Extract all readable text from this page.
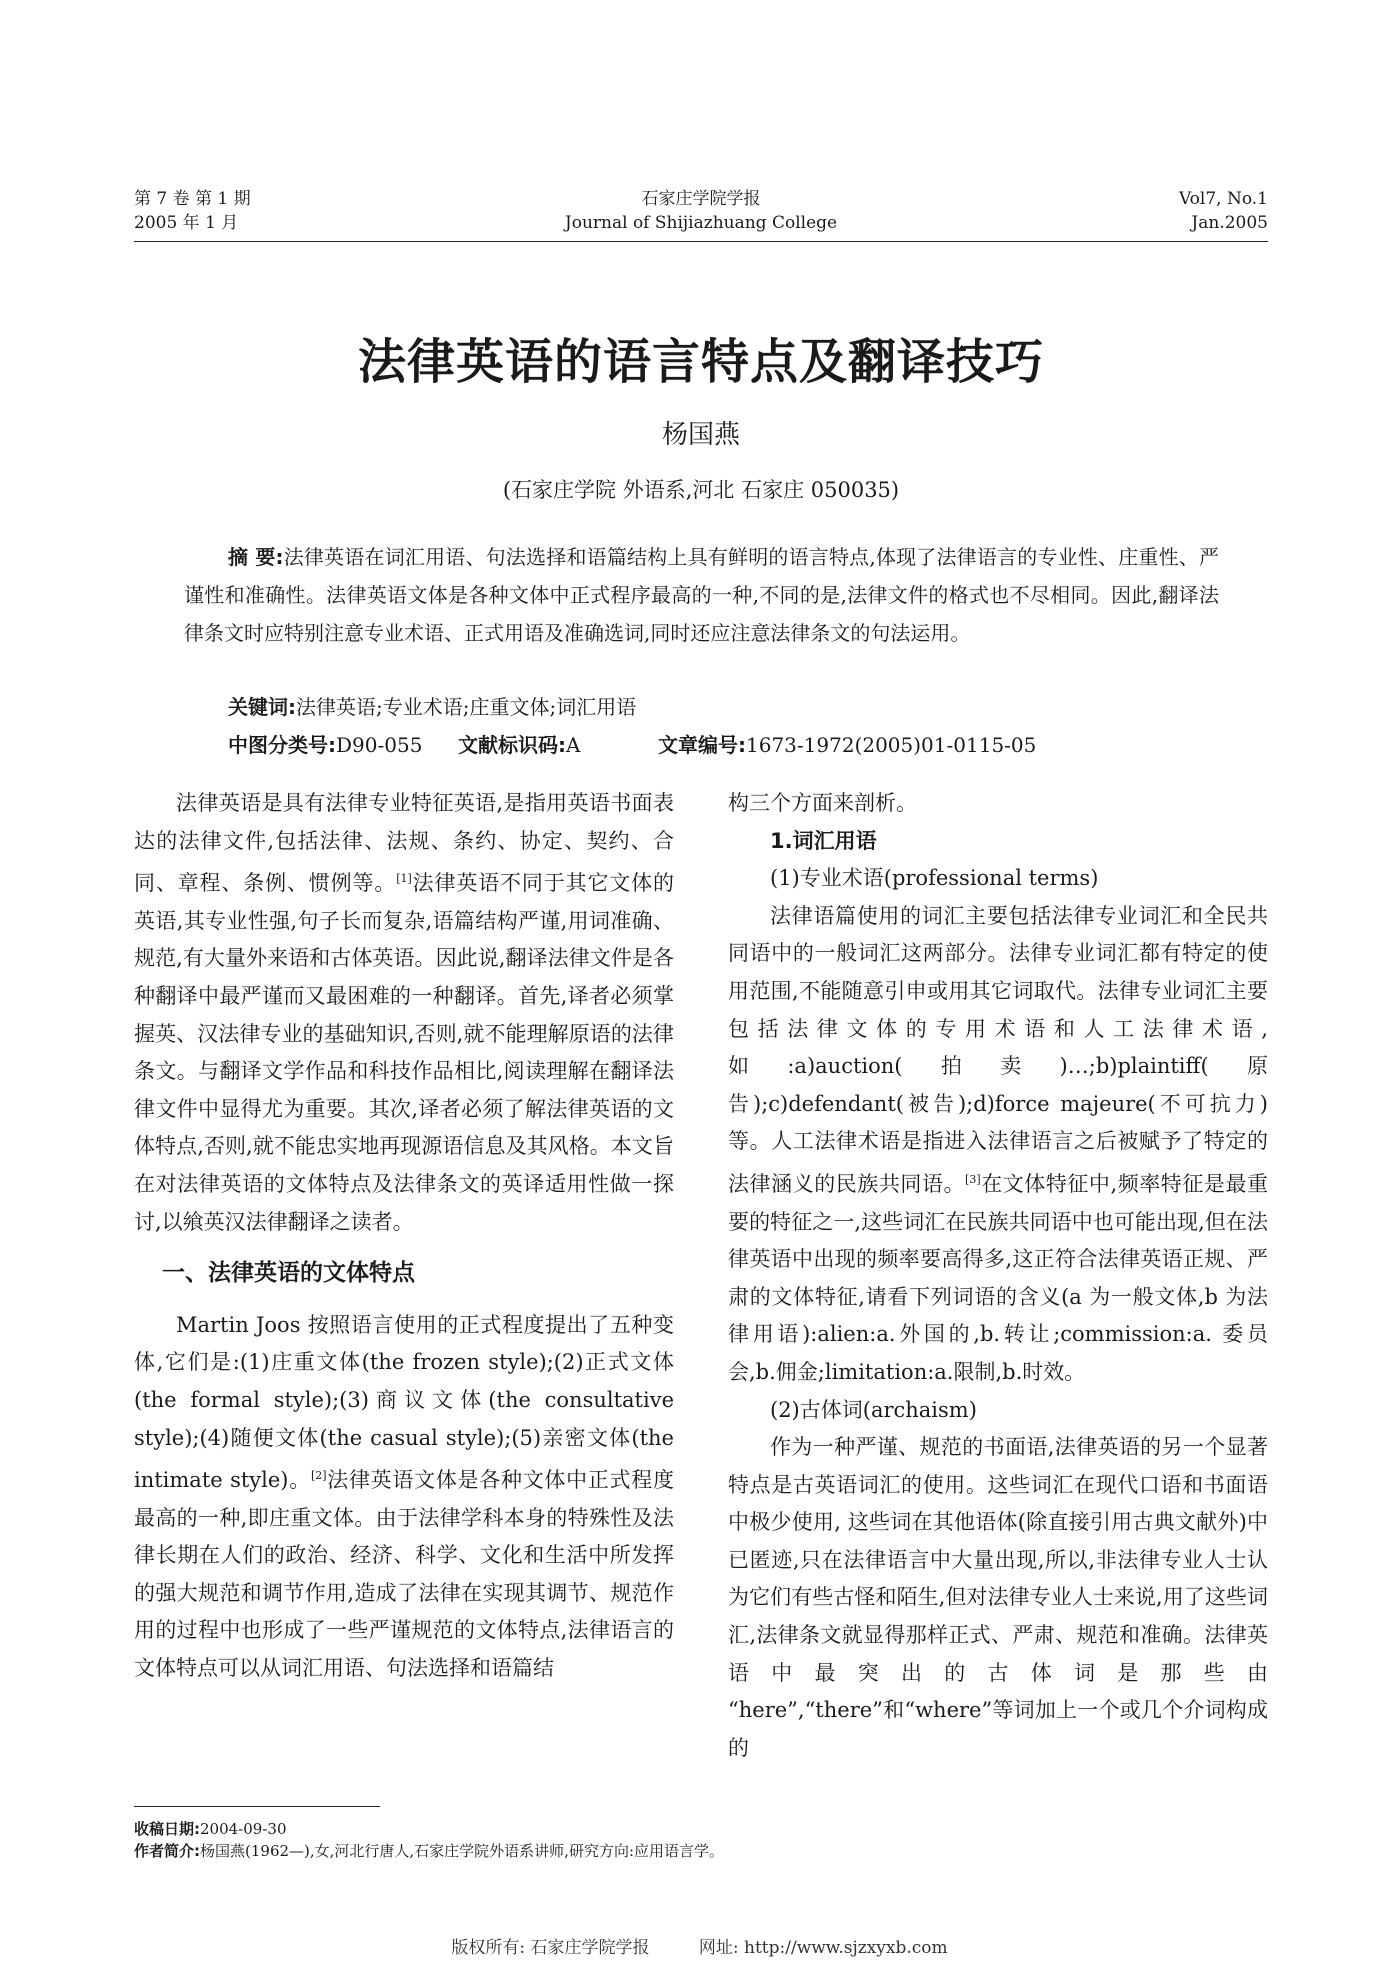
第 7 卷 第 1 期
2005 年 1 月
石家庄学院学报
Journal of Shijiazhuang College
Vol7, No.1
Jan.2005
法律英语的语言特点及翻译技巧
杨国燕
(石家庄学院 外语系,河北 石家庄 050035)

摘 要:法律英语在词汇用语、句法选择和语篇结构上具有鲜明的语言特点,体现了法律语言的专业性、庄重性、严谨性和准确性。法律英语文体是各种文体中正式程序最高的一种,不同的是,法律文件的格式也不尽相同。因此,翻译法律条文时应特别注意专业术语、正式用语及准确选词,同时还应注意法律条文的句法运用。

关键词:法律英语;专业术语;庄重文体;词汇用语
中图分类号:D90-055 文献标识码:A	文章编号:1673-1972(2005)01-0115-05

法律英语是具有法律专业特征英语,是指用英语书面表达的法律文件,包括法律、法规、条约、协定、契约、合同、章程、条例、惯例等。[1]法律英语不同于其它文体的英语,其专业性强,句子长而复杂,语篇结构严谨,用词准确、规范,有大量外来语和古体英语。因此说,翻译法律文件是各种翻译中最严谨而又最困难的一种翻译。首先,译者必须掌握英、汉法律专业的基础知识,否则,就不能理解原语的法律条文。与翻译文学作品和科技作品相比,阅读理解在翻译法律文件中显得尤为重要。其次,译者必须了解法律英语的文体特点,否则,就不能忠实地再现源语信息及其风格。本文旨在对法律英语的文体特点及法律条文的英译适用性做一探讨,以飨英汉法律翻译之读者。

一、法律英语的文体特点

Martin Joos 按照语言使用的正式程度提出了五种变体,它们是:(1)庄重文体(the frozen style);(2)正式文体(the formal style);(3)商议文体(the consultative style);(4)随便文体(the casual style);(5)亲密文体(the intimate style)。[2]法律英语文体是各种文体中正式程度最高的一种,即庄重文体。由于法律学科本身的特殊性及法律长期在人们的政治、经济、科学、文化和生活中所发挥的强大规范和调节作用,造成了法律在实现其调节、规范作用的过程中也形成了一些严谨规范的文体特点,法律语言的文体特点可以从词汇用语、句法选择和语篇结

构三个方面来剖析。

1.词汇用语

(1)专业术语(professional terms)

法律语篇使用的词汇主要包括法律专业词汇和全民共同语中的一般词汇这两部分。法律专业词汇都有特定的使用范围,不能随意引申或用其它词取代。法律专业词汇主要包括法律文体的专用术语和人工法律术语,如:a)auction(拍卖)…;b)plaintiff(原告);c)defendant(被告);d)force majeure(不可抗力)等。人工法律术语是指进入法律语言之后被赋予了特定的法律涵义的民族共同语。[3]在文体特征中,频率特征是最重要的特征之一,这些词汇在民族共同语中也可能出现,但在法律英语中出现的频率要高得多,这正符合法律英语正规、严肃的文体特征,请看下列词语的含义(a 为一般文体,b 为法律用语):alien:a.外国的,b.转让;commission:a. 委员会,b.佣金;limitation:a.限制,b.时效。

(2)古体词(archaism)

作为一种严谨、规范的书面语,法律英语的另一个显著特点是古英语词汇的使用。这些词汇在现代口语和书面语中极少使用, 这些词在其他语体(除直接引用古典文献外)中已匿迹,只在法律语言中大量出现,所以,非法律专业人士认为它们有些古怪和陌生,但对法律专业人士来说,用了这些词汇,法律条文就显得那样正式、严肃、规范和准确。法律英语中最突出的古体词是那些由 “here”,“there”和“where”等词加上一个或几个介词构成的

收稿日期:2004-09-30
作者简介:杨国燕(1962—),女,河北行唐人,石家庄学院外语系讲师,研究方向:应用语言学。
版权所有: 石家庄学院学报	网址: http://www.sjzxyxb.com
